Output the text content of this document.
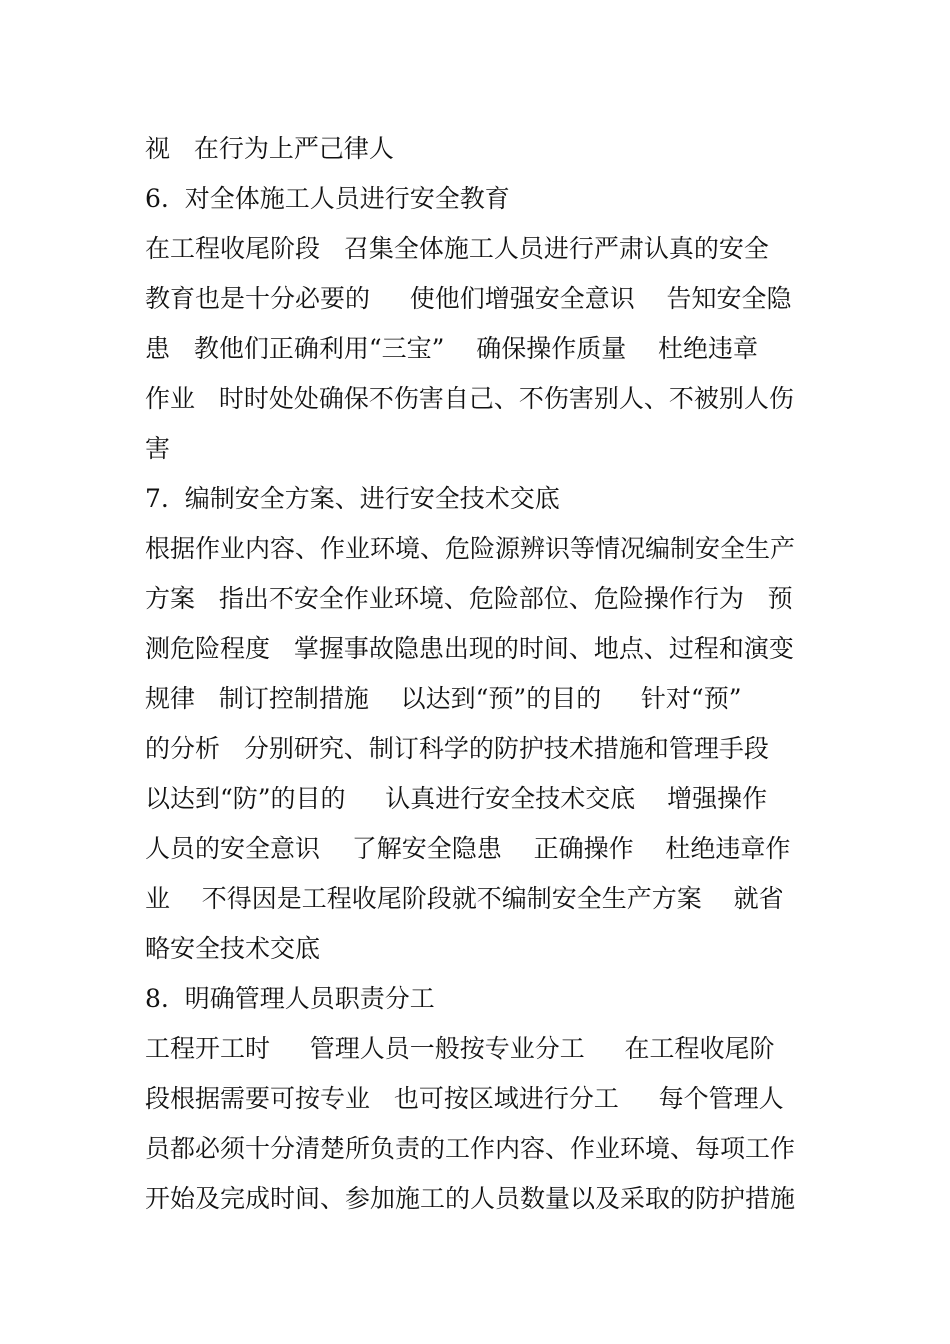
视   在行为上严己律人
6.  对全体施工人员进行安全教育
在工程收尾阶段   召集全体施工人员进行严肃认真的安全
教育也是十分必要的     使他们增强安全意识    告知安全隐
患   教他们正确利用“三宝”    确保操作质量    杜绝违章
作业   时时处处确保不伤害自己、不伤害别人、不被别人伤
害
7.  编制安全方案、进行安全技术交底
根据作业内容、作业环境、危险源辨识等情况编制安全生产
方案   指出不安全作业环境、危险部位、危险操作行为   预
测危险程度   掌握事故隐患出现的时间、地点、过程和演变
规律   制订控制措施    以达到“预”的目的     针对“预”
的分析   分别研究、制订科学的防护技术措施和管理手段
以达到“防”的目的     认真进行安全技术交底    增强操作
人员的安全意识    了解安全隐患    正确操作    杜绝违章作
业    不得因是工程收尾阶段就不编制安全生产方案    就省
略安全技术交底
8.  明确管理人员职责分工
工程开工时     管理人员一般按专业分工     在工程收尾阶
段根据需要可按专业   也可按区域进行分工     每个管理人
员都必须十分清楚所负责的工作内容、作业环境、每项工作
开始及完成时间、参加施工的人员数量以及采取的防护措施
